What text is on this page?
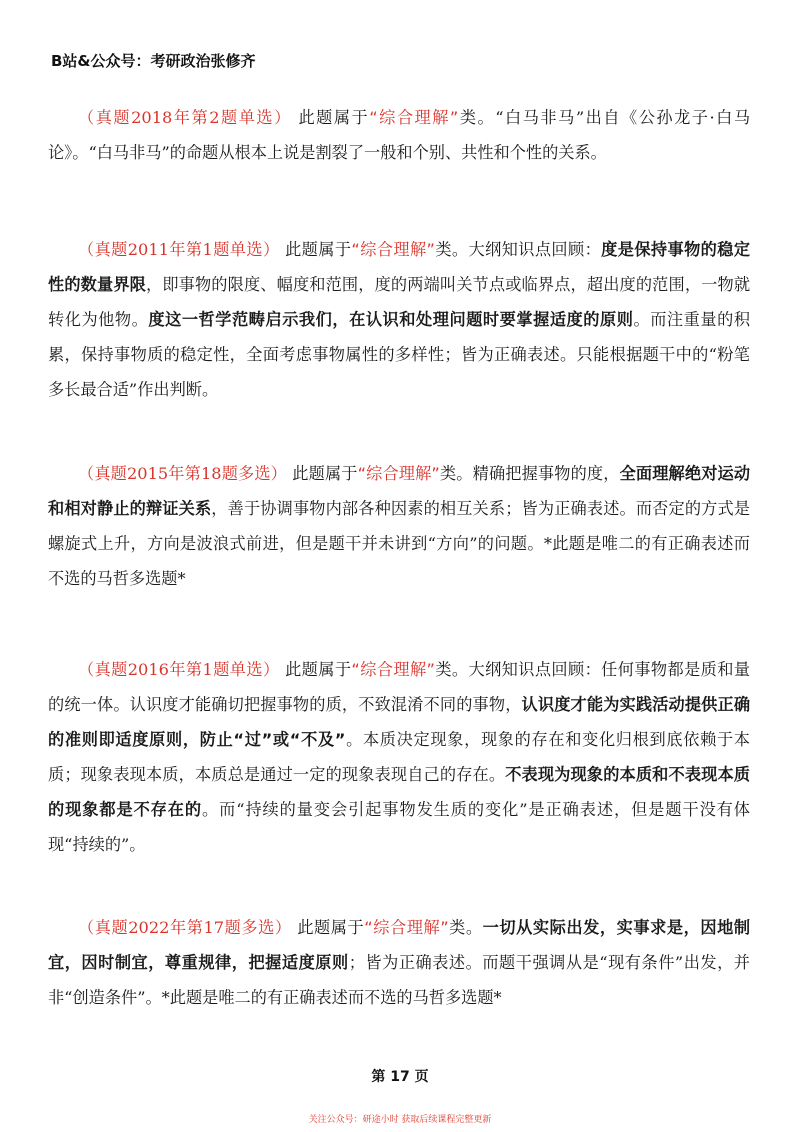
B站&公众号：考研政治张修齐

（真题2018年第2题单选） 此题属于“综合理解”类。“白马非马”出自《公孙龙子·白马论》。“白马非马”的命题从根本上说是割裂了一般和个别、共性和个性的关系。

（真题2011年第1题单选） 此题属于“综合理解”类。大纲知识点回顾：度是保持事物的稳定性的数量界限，即事物的限度、幅度和范围，度的两端叫关节点或临界点，超出度的范围，一物就转化为他物。度这一哲学范畴启示我们，在认识和处理问题时要掌握适度的原则。而注重量的积累，保持事物质的稳定性，全面考虑事物属性的多样性；皆为正确表述。只能根据题干中的“粉笔多长最合适”作出判断。

（真题2015年第18题多选） 此题属于“综合理解”类。精确把握事物的度，全面理解绝对运动和相对静止的辩证关系，善于协调事物内部各种因素的相互关系；皆为正确表述。而否定的方式是螺旋式上升，方向是波浪式前进，但是题干并未讲到“方向”的问题。*此题是唯二的有正确表述而不选的马哲多选题*

（真题2016年第1题单选） 此题属于“综合理解”类。大纲知识点回顾：任何事物都是质和量的统一体。认识度才能确切把握事物的质，不致混淆不同的事物，认识度才能为实践活动提供正确的准则即适度原则，防止“过”或“不及”。本质决定现象，现象的存在和变化归根到底依赖于本质；现象表现本质，本质总是通过一定的现象表现自己的存在。不表现为现象的本质和不表现本质的现象都是不存在的。而“持续的量变会引起事物发生质的变化”是正确表述，但是题干没有体现“持续的”。

（真题2022年第17题多选） 此题属于“综合理解”类。一切从实际出发，实事求是，因地制宜，因时制宜，尊重规律，把握适度原则；皆为正确表述。而题干强调从是“现有条件”出发，并非“创造条件”。*此题是唯二的有正确表述而不选的马哲多选题*

第 17 页
关注公众号：研途小时 获取后续课程完整更新
